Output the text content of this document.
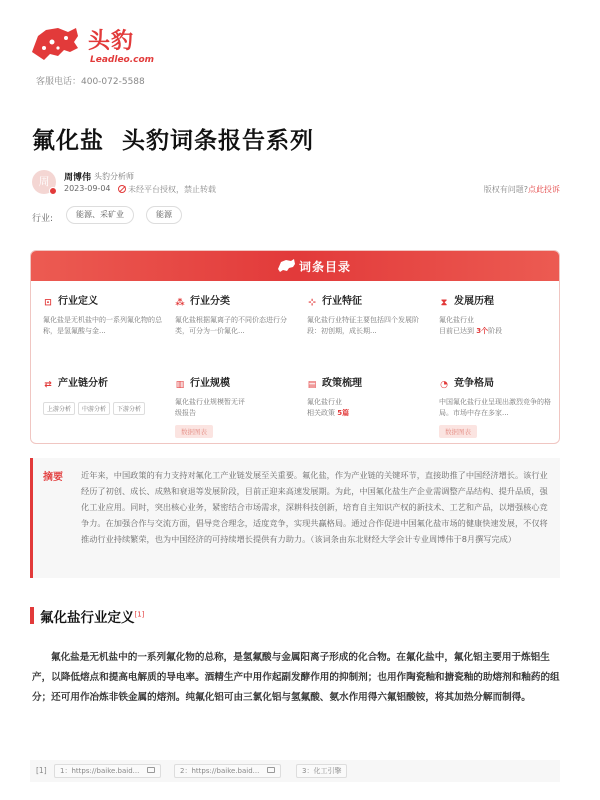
头豹
Leadleo.com
客服电话：400-072-5588
氟化盐  头豹词条报告系列
周	周博伟 头豹分析师
2023-09-04	未经平台授权，禁止转载	版权有问题?点此投诉
行业:	能源、采矿业	能源
词条目录
⊡ 行业定义
氟化盐是无机盐中的一系列氟化物的总称，是氢氟酸与金...
⁂ 行业分类
氟化盐根据氟离子的不同价态进行分类，可分为一价氟化...
⊹ 行业特征
氟化盐行业特征主要包括四个发展阶段：初创期，成长期...
⧗ 发展历程
氟化盐行业
目前已达到 3个阶段
⇄ 产业链分析
上游分析 中游分析 下游分析
▥ 行业规模
氟化盐行业规模暂无评级报告
数据图表
▤ 政策梳理
氟化盐行业
相关政策 5篇
◔ 竞争格局
中国氟化盐行业呈现出激烈竞争的格局。市场中存在多家...
数据图表
摘要 近年来，中国政策的有力支持对氟化工产业链发展至关重要。氟化盐，作为产业链的关键环节，直接助推了中国经济增长。该行业经历了初创、成长、成熟和衰退等发展阶段，目前正迎来高速发展期。为此，中国氟化盐生产企业需调整产品结构、提升品质，强化工业应用。同时，突出核心业务，紧密结合市场需求，深耕科技创新，培育自主知识产权的新技术、工艺和产品，以增强核心竞争力。在加强合作与交流方面，倡导竞合理念，适度竞争，实现共赢格局。通过合作促进中国氟化盐市场的健康快速发展，不仅将推动行业持续繁荣，也为中国经济的可持续增长提供有力助力。（该词条由东北财经大学会计专业周博伟于8月撰写完成）
氟化盐行业定义[1]
氟化盐是无机盐中的一系列氟化物的总称，是氢氟酸与金属阳离子形成的化合物。在氟化盐中，氟化铝主要用于炼铝生产，以降低熔点和提高电解质的导电率。酒精生产中用作起副发酵作用的抑制剂；也用作陶瓷釉和搪瓷釉的助熔剂和釉药的组分；还可用作冶炼非铁金属的熔剂。纯氟化铝可由三氯化铝与氢氟酸、氨水作用得六氟铝酸铵，将其加热分解而制得。
[1]	1：https://baike.baid...	2：https://baike.baid...	3：化工引擎
